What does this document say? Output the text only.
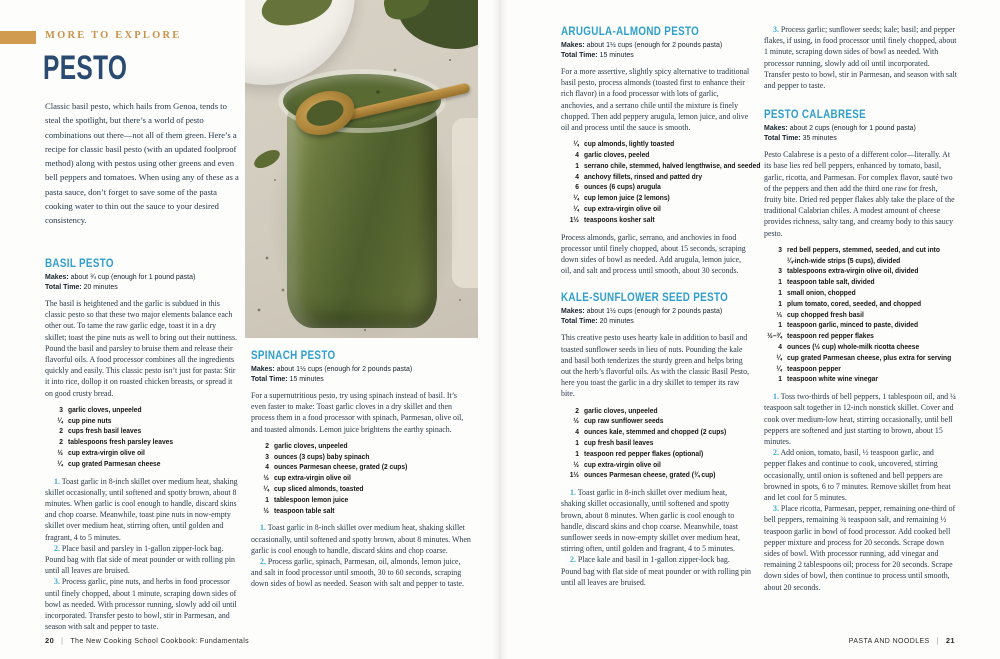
MORE TO EXPLORE
PESTO

Classic basil pesto, which hails from Genoa, tends to steal the spotlight, but there’s a world of pesto combinations out there—not all of them green. Here’s a recipe for classic basil pesto (with an updated foolproof method) along with pestos using other greens and even bell peppers and tomatoes. When using any of these as a pasta sauce, don’t forget to save some of the pasta cooking water to thin out the sauce to your desired consistency.

BASIL PESTO

Makes: about ¾ cup (enough for 1 pound pasta)

Total Time: 20 minutes

The basil is heightened and the garlic is subdued in this classic pesto so that these two major elements balance each other out. To tame the raw garlic edge, toast it in a dry skillet; toast the pine nuts as well to bring out their nuttiness. Pound the basil and parsley to bruise them and release their flavorful oils. A food processor combines all the ingredients quickly and easily. This classic pesto isn’t just for pasta: Stir it into rice, dollop it on roasted chicken breasts, or spread it on good crusty bread.

3 garlic cloves, unpeeled
¼ cup pine nuts
2 cups fresh basil leaves
2 tablespoons fresh parsley leaves
½ cup extra-virgin olive oil
¼ cup grated Parmesan cheese

1. Toast garlic in 8-inch skillet over medium heat, shaking skillet occasionally, until softened and spotty brown, about 8 minutes. When garlic is cool enough to handle, discard skins and chop coarse. Meanwhile, toast pine nuts in now-empty skillet over medium heat, stirring often, until golden and fragrant, 4 to 5 minutes.

2. Place basil and parsley in 1-gallon zipper-lock bag. Pound bag with flat side of meat pounder or with rolling pin until all leaves are bruised.

3. Process garlic, pine nuts, and herbs in food processor until finely chopped, about 1 minute, scraping down sides of bowl as needed. With processor running, slowly add oil until incorporated. Transfer pesto to bowl, stir in Parmesan, and season with salt and pepper to taste.

SPINACH PESTO

Makes: about 1½ cups (enough for 2 pounds pasta)

Total Time: 15 minutes

For a supernutritious pesto, try using spinach instead of basil. It’s even faster to make: Toast garlic cloves in a dry skillet and then process them in a food processor with spinach, Parmesan, olive oil, and toasted almonds. Lemon juice brightens the earthy spinach.

2 garlic cloves, unpeeled
3 ounces (3 cups) baby spinach
4 ounces Parmesan cheese, grated (2 cups)
½ cup extra-virgin olive oil
¼ cup sliced almonds, toasted
1 tablespoon lemon juice
½ teaspoon table salt

1. Toast garlic in 8-inch skillet over medium heat, shaking skillet occasionally, until softened and spotty brown, about 8 minutes. When garlic is cool enough to handle, discard skins and chop coarse.

2. Process garlic, spinach, Parmesan, oil, almonds, lemon juice, and salt in food processor until smooth, 30 to 60 seconds, scraping down sides of bowl as needed. Season with salt and pepper to taste.

ARUGULA-ALMOND PESTO

Makes: about 1½ cups (enough for 2 pounds pasta)

Total Time: 15 minutes

For a more assertive, slightly spicy alternative to traditional basil pesto, process almonds (toasted first to enhance their rich flavor) in a food processor with lots of garlic, anchovies, and a serrano chile until the mixture is finely chopped. Then add peppery arugula, lemon juice, and olive oil and process until the sauce is smooth.

¼ cup almonds, lightly toasted
4 garlic cloves, peeled
1 serrano chile, stemmed, halved lengthwise, and seeded
4 anchovy fillets, rinsed and patted dry
6 ounces (6 cups) arugula
¼ cup lemon juice (2 lemons)
¼ cup extra-virgin olive oil
1½ teaspoons kosher salt

Process almonds, garlic, serrano, and anchovies in food processor until finely chopped, about 15 seconds, scraping down sides of bowl as needed. Add arugula, lemon juice, oil, and salt and process until smooth, about 30 seconds.

KALE-SUNFLOWER SEED PESTO

Makes: about 1½ cups (enough for 2 pounds pasta)

Total Time: 20 minutes

This creative pesto uses hearty kale in addition to basil and toasted sunflower seeds in lieu of nuts. Pounding the kale and basil both tenderizes the sturdy green and helps bring out the herb’s flavorful oils. As with the classic Basil Pesto, here you toast the garlic in a dry skillet to temper its raw bite.

2 garlic cloves, unpeeled
½ cup raw sunflower seeds
4 ounces kale, stemmed and chopped (2 cups)
1 cup fresh basil leaves
1 teaspoon red pepper flakes (optional)
½ cup extra-virgin olive oil
1½ ounces Parmesan cheese, grated (¾ cup)

1. Toast garlic in 8-inch skillet over medium heat, shaking skillet occasionally, until softened and spotty brown, about 8 minutes. When garlic is cool enough to handle, discard skins and chop coarse. Meanwhile, toast sunflower seeds in now-empty skillet over medium heat, stirring often, until golden and fragrant, 4 to 5 minutes.

2. Place kale and basil in 1-gallon zipper-lock bag. Pound bag with flat side of meat pounder or with rolling pin until all leaves are bruised.

3. Process garlic; sunflower seeds; kale; basil; and pepper flakes, if using, in food processor until finely chopped, about 1 minute, scraping down sides of bowl as needed. With processor running, slowly add oil until incorporated. Transfer pesto to bowl, stir in Parmesan, and season with salt and pepper to taste.

PESTO CALABRESE

Makes: about 2 cups (enough for 1 pound pasta)

Total Time: 35 minutes

Pesto Calabrese is a pesto of a different color—literally. At its base lies red bell peppers, enhanced by tomato, basil, garlic, ricotta, and Parmesan. For complex flavor, sauté two of the peppers and then add the third one raw for fresh, fruity bite. Dried red pepper flakes ably take the place of the traditional Calabrian chiles. A modest amount of cheese provides richness, salty tang, and creamy body to this saucy pesto.

3 red bell peppers, stemmed, seeded, and cut into
¼-inch-wide strips (5 cups), divided
3 tablespoons extra-virgin olive oil, divided
1 teaspoon table salt, divided
1 small onion, chopped
1 plum tomato, cored, seeded, and chopped
⅓ cup chopped fresh basil
1 teaspoon garlic, minced to paste, divided
½–¾ teaspoon red pepper flakes
4 ounces (½ cup) whole-milk ricotta cheese
¼ cup grated Parmesan cheese, plus extra for serving
¼ teaspoon pepper
1 teaspoon white wine vinegar

1. Toss two-thirds of bell peppers, 1 tablespoon oil, and ¼ teaspoon salt together in 12-inch nonstick skillet. Cover and cook over medium-low heat, stirring occasionally, until bell peppers are softened and just starting to brown, about 15 minutes.

2. Add onion, tomato, basil, ½ teaspoon garlic, and pepper flakes and continue to cook, uncovered, stirring occasionally, until onion is softened and bell peppers are browned in spots, 6 to 7 minutes. Remove skillet from heat and let cool for 5 minutes.

3. Place ricotta, Parmesan, pepper, remaining one-third of bell peppers, remaining ¾ teaspoon salt, and remaining ½ teaspoon garlic in bowl of food processor. Add cooked bell pepper mixture and process for 20 seconds. Scrape down sides of bowl. With processor running, add vinegar and remaining 2 tablespoons oil; process for 20 seconds. Scrape down sides of bowl, then continue to process until smooth, about 20 seconds.

20 | The New Cooking School Cookbook: Fundamentals	PASTA AND NOODLES | 21
